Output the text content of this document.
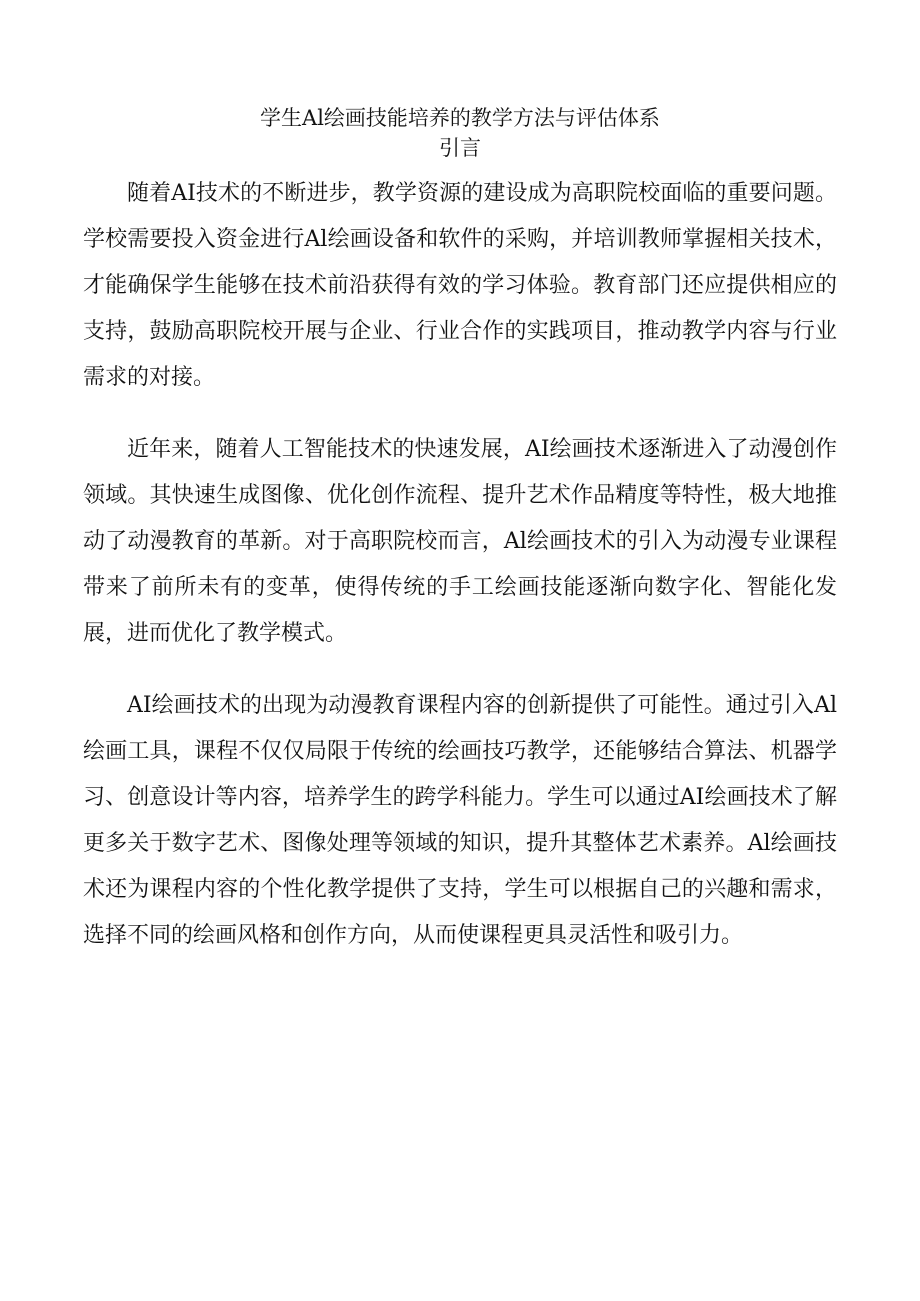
学生Al绘画技能培养的教学方法与评估体系
引言

随着AI技术的不断进步，教学资源的建设成为高职院校面临的重要问题。学校需要投入资金进行Al绘画设备和软件的采购，并培训教师掌握相关技术，才能确保学生能够在技术前沿获得有效的学习体验。教育部门还应提供相应的支持，鼓励高职院校开展与企业、行业合作的实践项目，推动教学内容与行业需求的对接。

近年来，随着人工智能技术的快速发展，AI绘画技术逐渐进入了动漫创作领域。其快速生成图像、优化创作流程、提升艺术作品精度等特性，极大地推动了动漫教育的革新。对于高职院校而言，Al绘画技术的引入为动漫专业课程带来了前所未有的变革，使得传统的手工绘画技能逐渐向数字化、智能化发展，进而优化了教学模式。

AI绘画技术的出现为动漫教育课程内容的创新提供了可能性。通过引入Al绘画工具，课程不仅仅局限于传统的绘画技巧教学，还能够结合算法、机器学习、创意设计等内容，培养学生的跨学科能力。学生可以通过AI绘画技术了解更多关于数字艺术、图像处理等领域的知识，提升其整体艺术素养。Al绘画技术还为课程内容的个性化教学提供了支持，学生可以根据自己的兴趣和需求，选择不同的绘画风格和创作方向，从而使课程更具灵活性和吸引力。
